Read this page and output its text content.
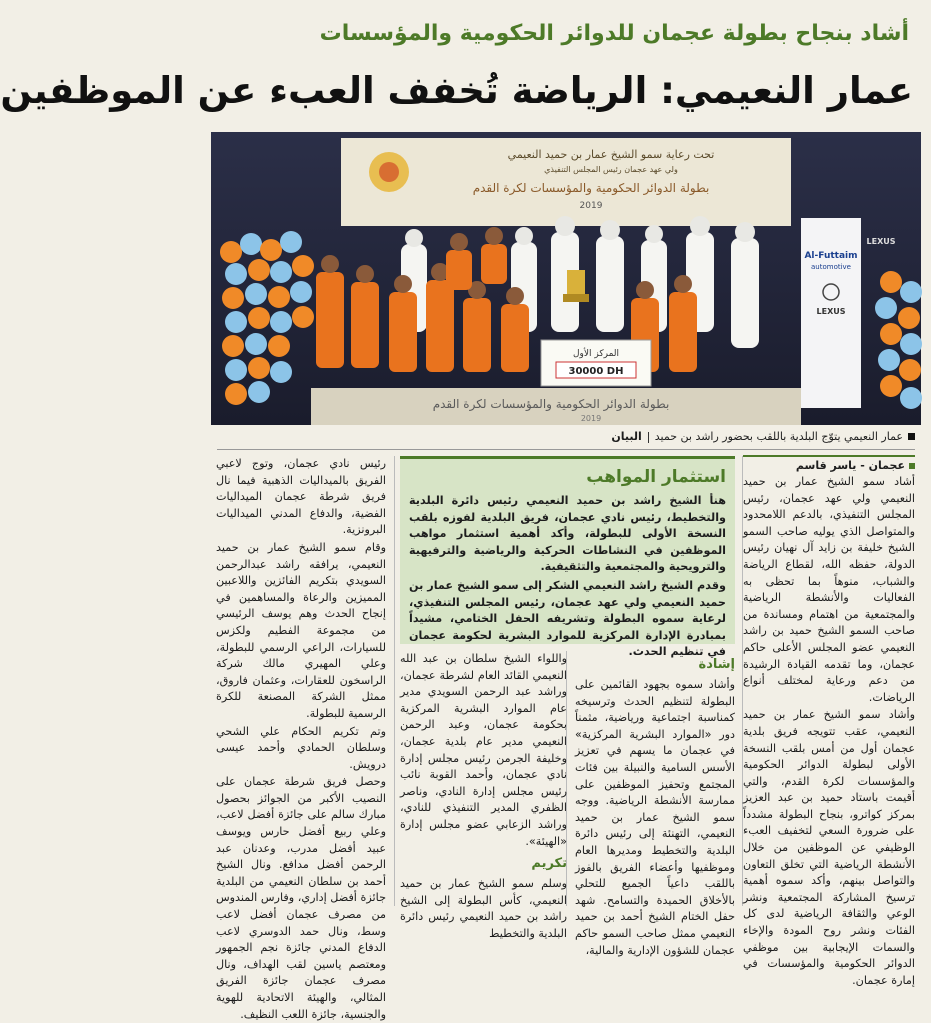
أشاد بنجاح بطولة عجمان للدوائر الحكومية والمؤسسات
عمار النعيمي: الرياضة تُخفف العبء عن الموظفين
تحت رعاية سمو الشيخ عمار بن حميد النعيمي
ولي عهد عجمان رئيس المجلس التنفيذي
بطولة الدوائر الحكومية والمؤسسات لكرة القدم
2019
Al-Futtaim
automotive
LEXUS
LEXUS
المركز الأول
30000 DH
بطولة الدوائر الحكومية والمؤسسات لكرة القدم
2019
عمار النعيمي يتوّج البلدية باللقب بحضور راشد بن حميدالبيان
عجمان - ياسر قاسم

أشاد سمو الشيخ عمار بن حميد النعيمي ولي عهد عجمان، رئيس المجلس التنفيذي، بالدعم اللامحدود والمتواصل الذي يوليه صاحب السمو الشيخ خليفة بن زايد آل نهيان رئيس الدولة، حفظه الله، لقطاع الرياضة والشباب، منوهاً بما تحظى به الفعاليات والأنشطة الرياضية والمجتمعية من اهتمام ومساندة من صاحب السمو الشيخ حميد بن راشد النعيمي عضو المجلس الأعلى حاكم عجمان، وما تقدمه القيادة الرشيدة من دعم ورعاية لمختلف أنواع الرياضات.

وأشاد سمو الشيخ عمار بن حميد النعيمي، عقب تتويجه فريق بلدية عجمان أول من أمس بلقب النسخة الأولى لبطولة الدوائر الحكومية والمؤسسات لكرة القدم، والتي أقيمت باستاد حميد بن عبد العزيز بمركز كواترو، بنجاح البطولة مشدداً على ضرورة السعي لتخفيف العبء الوظيفي عن الموظفين من خلال الأنشطة الرياضية التي تخلق التعاون والتواصل بينهم، وأكد سموه أهمية ترسيخ المشاركة المجتمعية ونشر الوعي والثقافة الرياضية لدى كل الفئات ونشر روح المودة والإخاء والسمات الإيجابية بين موظفي الدوائر الحكومية والمؤسسات في إمارة عجمان.

استثمار المواهب

هنأ الشيخ راشد بن حميد النعيمي رئيس دائرة البلدية والتخطيط، رئيس نادي عجمان، فريق البلدية لفوزه بلقب النسخة الأولى للبطولة، وأكد أهمية استثمار مواهب الموظفين في النشاطات الحركية والرياضية والترفيهية والترويحية والمجتمعية والتثقيفية.

وقدم الشيخ راشد النعيمي الشكر إلى سمو الشيخ عمار بن حميد النعيمي ولي عهد عجمان، رئيس المجلس التنفيذي، لرعاية سموه البطولة وتشريفه الحفل الختامي، مشيداً بمبادرة الإدارة المركزية للموارد البشرية لحكومة عجمان في تنظيم الحدث.

إشادة

وأشاد سموه بجهود القائمين على البطولة لتنظيم الحدث وترسيخه كمناسبة اجتماعية ورياضية، مثمناً دور «الموارد البشرية المركزية» في عجمان ما يسهم في تعزيز الأسس السامية والنبيلة بين فئات المجتمع وتحفيز الموظفين على ممارسة الأنشطة الرياضية. ووجه سمو الشيخ عمار بن حميد النعيمي، التهنئة إلى رئيس دائرة البلدية والتخطيط ومديرها العام وموظفيها وأعضاء الفريق بالفوز باللقب داعياً الجميع للتحلي بالأخلاق الحميدة والتسامح. شهد حفل الختام الشيخ أحمد بن حميد النعيمي ممثل صاحب السمو حاكم عجمان للشؤون الإدارية والمالية،

واللواء الشيخ سلطان بن عبد الله النعيمي القائد العام لشرطة عجمان، وراشد عبد الرحمن السويدي مدير عام الموارد البشرية المركزية بحكومة عجمان، وعبد الرحمن النعيمي مدير عام بلدية عجمان، وخليفة الجرمن رئيس مجلس إدارة نادي عجمان، وأحمد القوبة نائب رئيس مجلس إدارة النادي، وناصر الظفري المدير التنفيذي للنادي، وراشد الزعابي عضو مجلس إدارة «الهيئة».

تكريم

وسلم سمو الشيخ عمار بن حميد النعيمي، كأس البطولة إلى الشيخ راشد بن حميد النعيمي رئيس دائرة البلدية والتخطيط

رئيس نادي عجمان، وتوج لاعبي الفريق بالميداليات الذهبية فيما نال فريق شرطة عجمان الميداليات الفضية، والدفاع المدني الميداليات البرونزية.

وقام سمو الشيخ عمار بن حميد النعيمي، يرافقه راشد عبدالرحمن السويدي بتكريم الفائزين واللاعبين المميزين والرعاة والمساهمين في إنجاح الحدث وهم يوسف الرئيسي من مجموعة الفطيم ولكزس للسيارات، الراعي الرسمي للبطولة، وعلي المهيري مالك شركة الراسخون للعقارات، وعثمان فاروق، ممثل الشركة المصنعة للكرة الرسمية للبطولة.

وتم تكريم الحكام علي الشحي وسلطان الحمادي وأحمد عيسى درويش.

وحصل فريق شرطة عجمان على النصيب الأكبر من الجوائز بحصول مبارك سالم على جائزة أفضل لاعب، وعلي ربيع أفضل حارس ويوسف عبيد أفضل مدرب، وعدنان عبد الرحمن أفضل مدافع. ونال الشيخ أحمد بن سلطان النعيمي من البلدية جائزة أفضل إداري، وفارس المندوس من مصرف عجمان أفضل لاعب وسط، ونال حمد الدوسري لاعب الدفاع المدني جائزة نجم الجمهور ومعتصم ياسين لقب الهداف، ونال مصرف عجمان جائزة الفريق المثالي، والهيئة الاتحادية للهوية والجنسية، جائزة اللعب النظيف.
